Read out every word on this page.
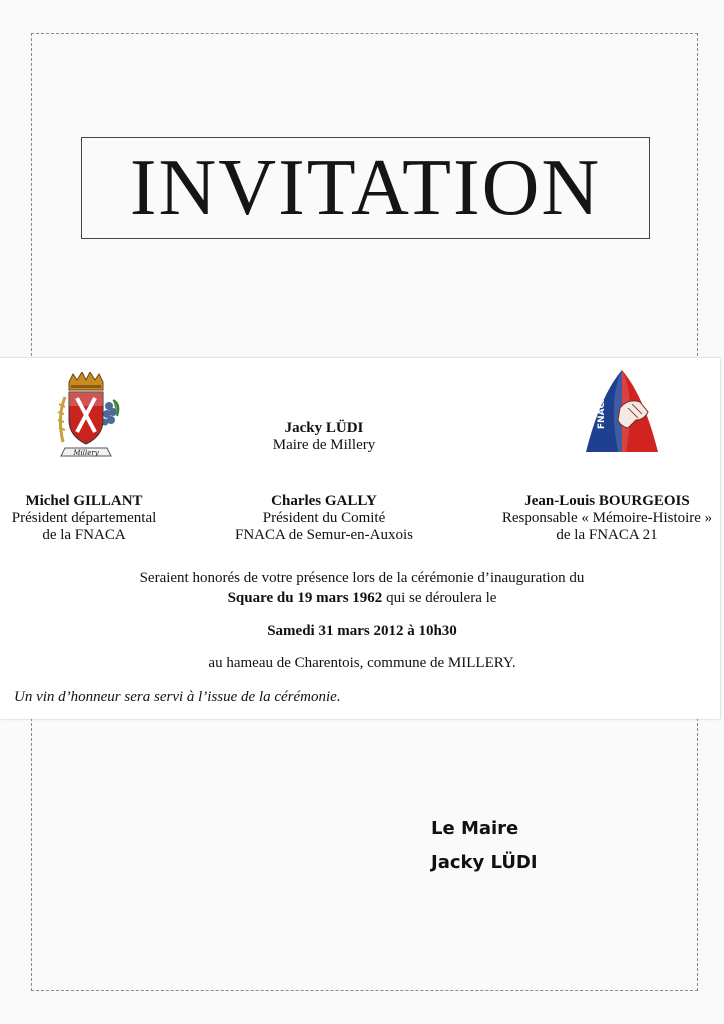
INVITATION
Millery
FNACA
Jacky LÜDI
Maire de Millery
Michel GILLANT
Président départemental
de la FNACA
Charles GALLY
Président du Comité
FNACA de Semur-en-Auxois
Jean-Louis BOURGEOIS
Responsable « Mémoire-Histoire »
de la FNACA 21
Seraient honorés de votre présence lors de la cérémonie d’inauguration du
Square du 19 mars 1962 qui se déroulera le
Samedi 31 mars 2012 à 10h30
au hameau de Charentois, commune de MILLERY.
Un vin d’honneur sera servi à l’issue de la cérémonie.
Le Maire
Jacky LÜDI
